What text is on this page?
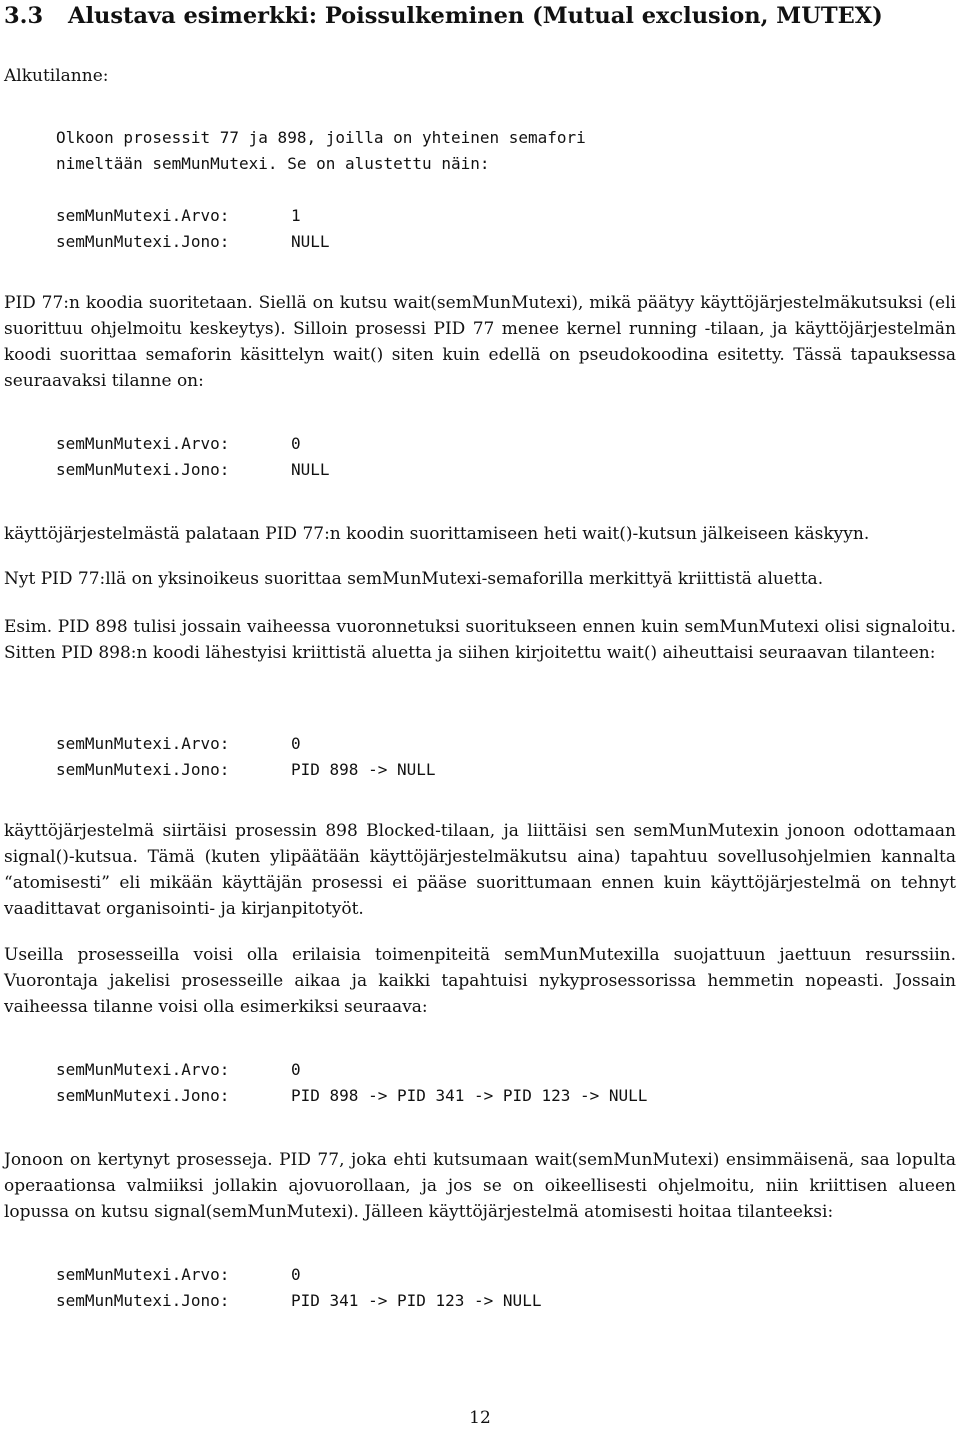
3.3 Alustava esimerkki: Poissulkeminen (Mutual exclusion, MUTEX)
Alkutilanne:
Olkoon prosessit 77 ja 898, joilla on yhteinen semafori
nimeltään semMunMutexi. Se on alustettu näin:
semMunMutexi.Arvo:	1
semMunMutexi.Jono:	NULL

PID 77:n koodia suoritetaan. Siellä on kutsu wait(semMunMutexi), mikä päätyy käyttöjärjestelmäkutsuksi (eli suorittuu ohjelmoitu keskeytys). Silloin prosessi PID 77 menee kernel running -tilaan, ja käyttöjärjestelmän koodi suorittaa semaforin käsittelyn wait() siten kuin edellä on pseudokoodina esitetty. Tässä tapauksessa seuraavaksi tilanne on:

semMunMutexi.Arvo:	0
semMunMutexi.Jono:	NULL

käyttöjärjestelmästä palataan PID 77:n koodin suorittamiseen heti wait()-kutsun jälkeiseen käskyyn.

Nyt PID 77:llä on yksinoikeus suorittaa semMunMutexi-semaforilla merkittyä kriittistä aluetta.

Esim. PID 898 tulisi jossain vaiheessa vuoronnetuksi suoritukseen ennen kuin semMunMutexi olisi signaloitu. Sitten PID 898:n koodi lähestyisi kriittistä aluetta ja siihen kirjoitettu wait() aiheuttaisi seuraavan tilanteen:

semMunMutexi.Arvo:	0
semMunMutexi.Jono:	PID 898 -> NULL

käyttöjärjestelmä siirtäisi prosessin 898 Blocked-tilaan, ja liittäisi sen semMunMutexin jonoon odottamaan signal()-kutsua. Tämä (kuten ylipäätään käyttöjärjestelmäkutsu aina) tapahtuu sovellusohjelmien kannalta “atomisesti” eli mikään käyttäjän prosessi ei pääse suorittumaan ennen kuin käyttöjärjestelmä on tehnyt vaadittavat organisointi- ja kirjanpitotyöt.

Useilla prosesseilla voisi olla erilaisia toimenpiteitä semMunMutexilla suojattuun jaettuun resurssiin. Vuorontaja jakelisi prosesseille aikaa ja kaikki tapahtuisi nykyprosessorissa hemmetin nopeasti. Jossain vaiheessa tilanne voisi olla esimerkiksi seuraava:

semMunMutexi.Arvo:	0
semMunMutexi.Jono:	PID 898 -> PID 341 -> PID 123 -> NULL

Jonoon on kertynyt prosesseja. PID 77, joka ehti kutsumaan wait(semMunMutexi) ensimmäisenä, saa lopulta operaationsa valmiiksi jollakin ajovuorollaan, ja jos se on oikeellisesti ohjelmoitu, niin kriittisen alueen lopussa on kutsu signal(semMunMutexi). Jälleen käyttöjärjestelmä atomisesti hoitaa tilanteeksi:

semMunMutexi.Arvo:	0
semMunMutexi.Jono:	PID 341 -> PID 123 -> NULL
12
